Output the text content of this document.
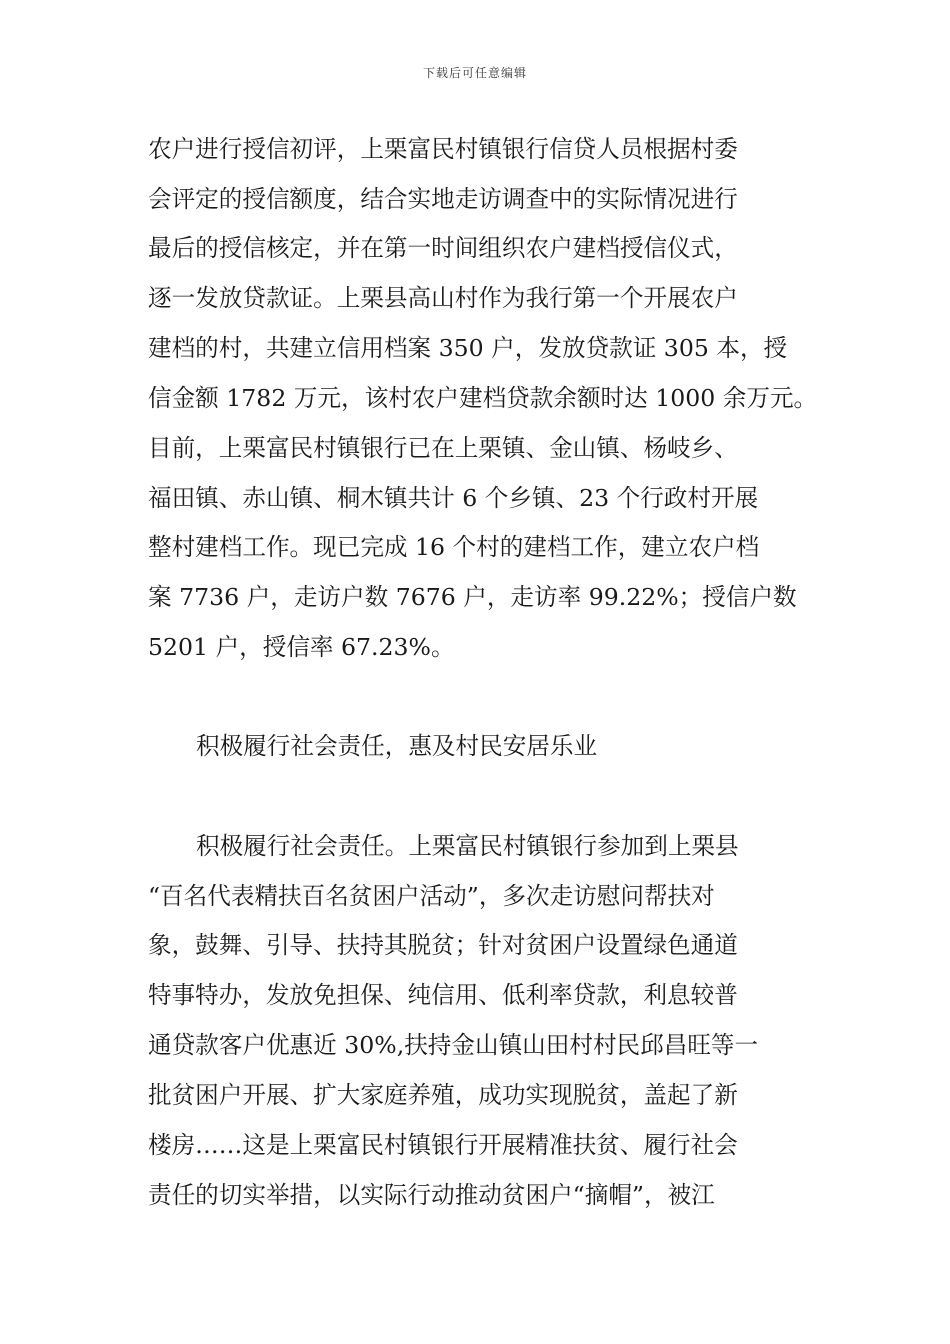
下载后可任意编辑
农户进行授信初评，上栗富民村镇银行信贷人员根据村委
会评定的授信额度，结合实地走访调查中的实际情况进行
最后的授信核定，并在第一时间组织农户建档授信仪式，
逐一发放贷款证。上栗县高山村作为我行第一个开展农户
建档的村，共建立信用档案 350 户，发放贷款证 305 本，授
信金额 1782 万元，该村农户建档贷款余额时达 1000 余万元。
目前，上栗富民村镇银行已在上栗镇、金山镇、杨岐乡、
福田镇、赤山镇、桐木镇共计 6 个乡镇、23 个行政村开展
整村建档工作。现已完成 16 个村的建档工作，建立农户档
案 7736 户，走访户数 7676 户，走访率 99.22%；授信户数
5201 户，授信率 67.23%。
积极履行社会责任，惠及村民安居乐业
积极履行社会责任。上栗富民村镇银行参加到上栗县
“百名代表精扶百名贫困户活动”，多次走访慰问帮扶对
象，鼓舞、引导、扶持其脱贫；针对贫困户设置绿色通道
特事特办，发放免担保、纯信用、低利率贷款，利息较普
通贷款客户优惠近 30%,扶持金山镇山田村村民邱昌旺等一
批贫困户开展、扩大家庭养殖，成功实现脱贫，盖起了新
楼房……这是上栗富民村镇银行开展精准扶贫、履行社会
责任的切实举措，以实际行动推动贫困户“摘帽”，被江
